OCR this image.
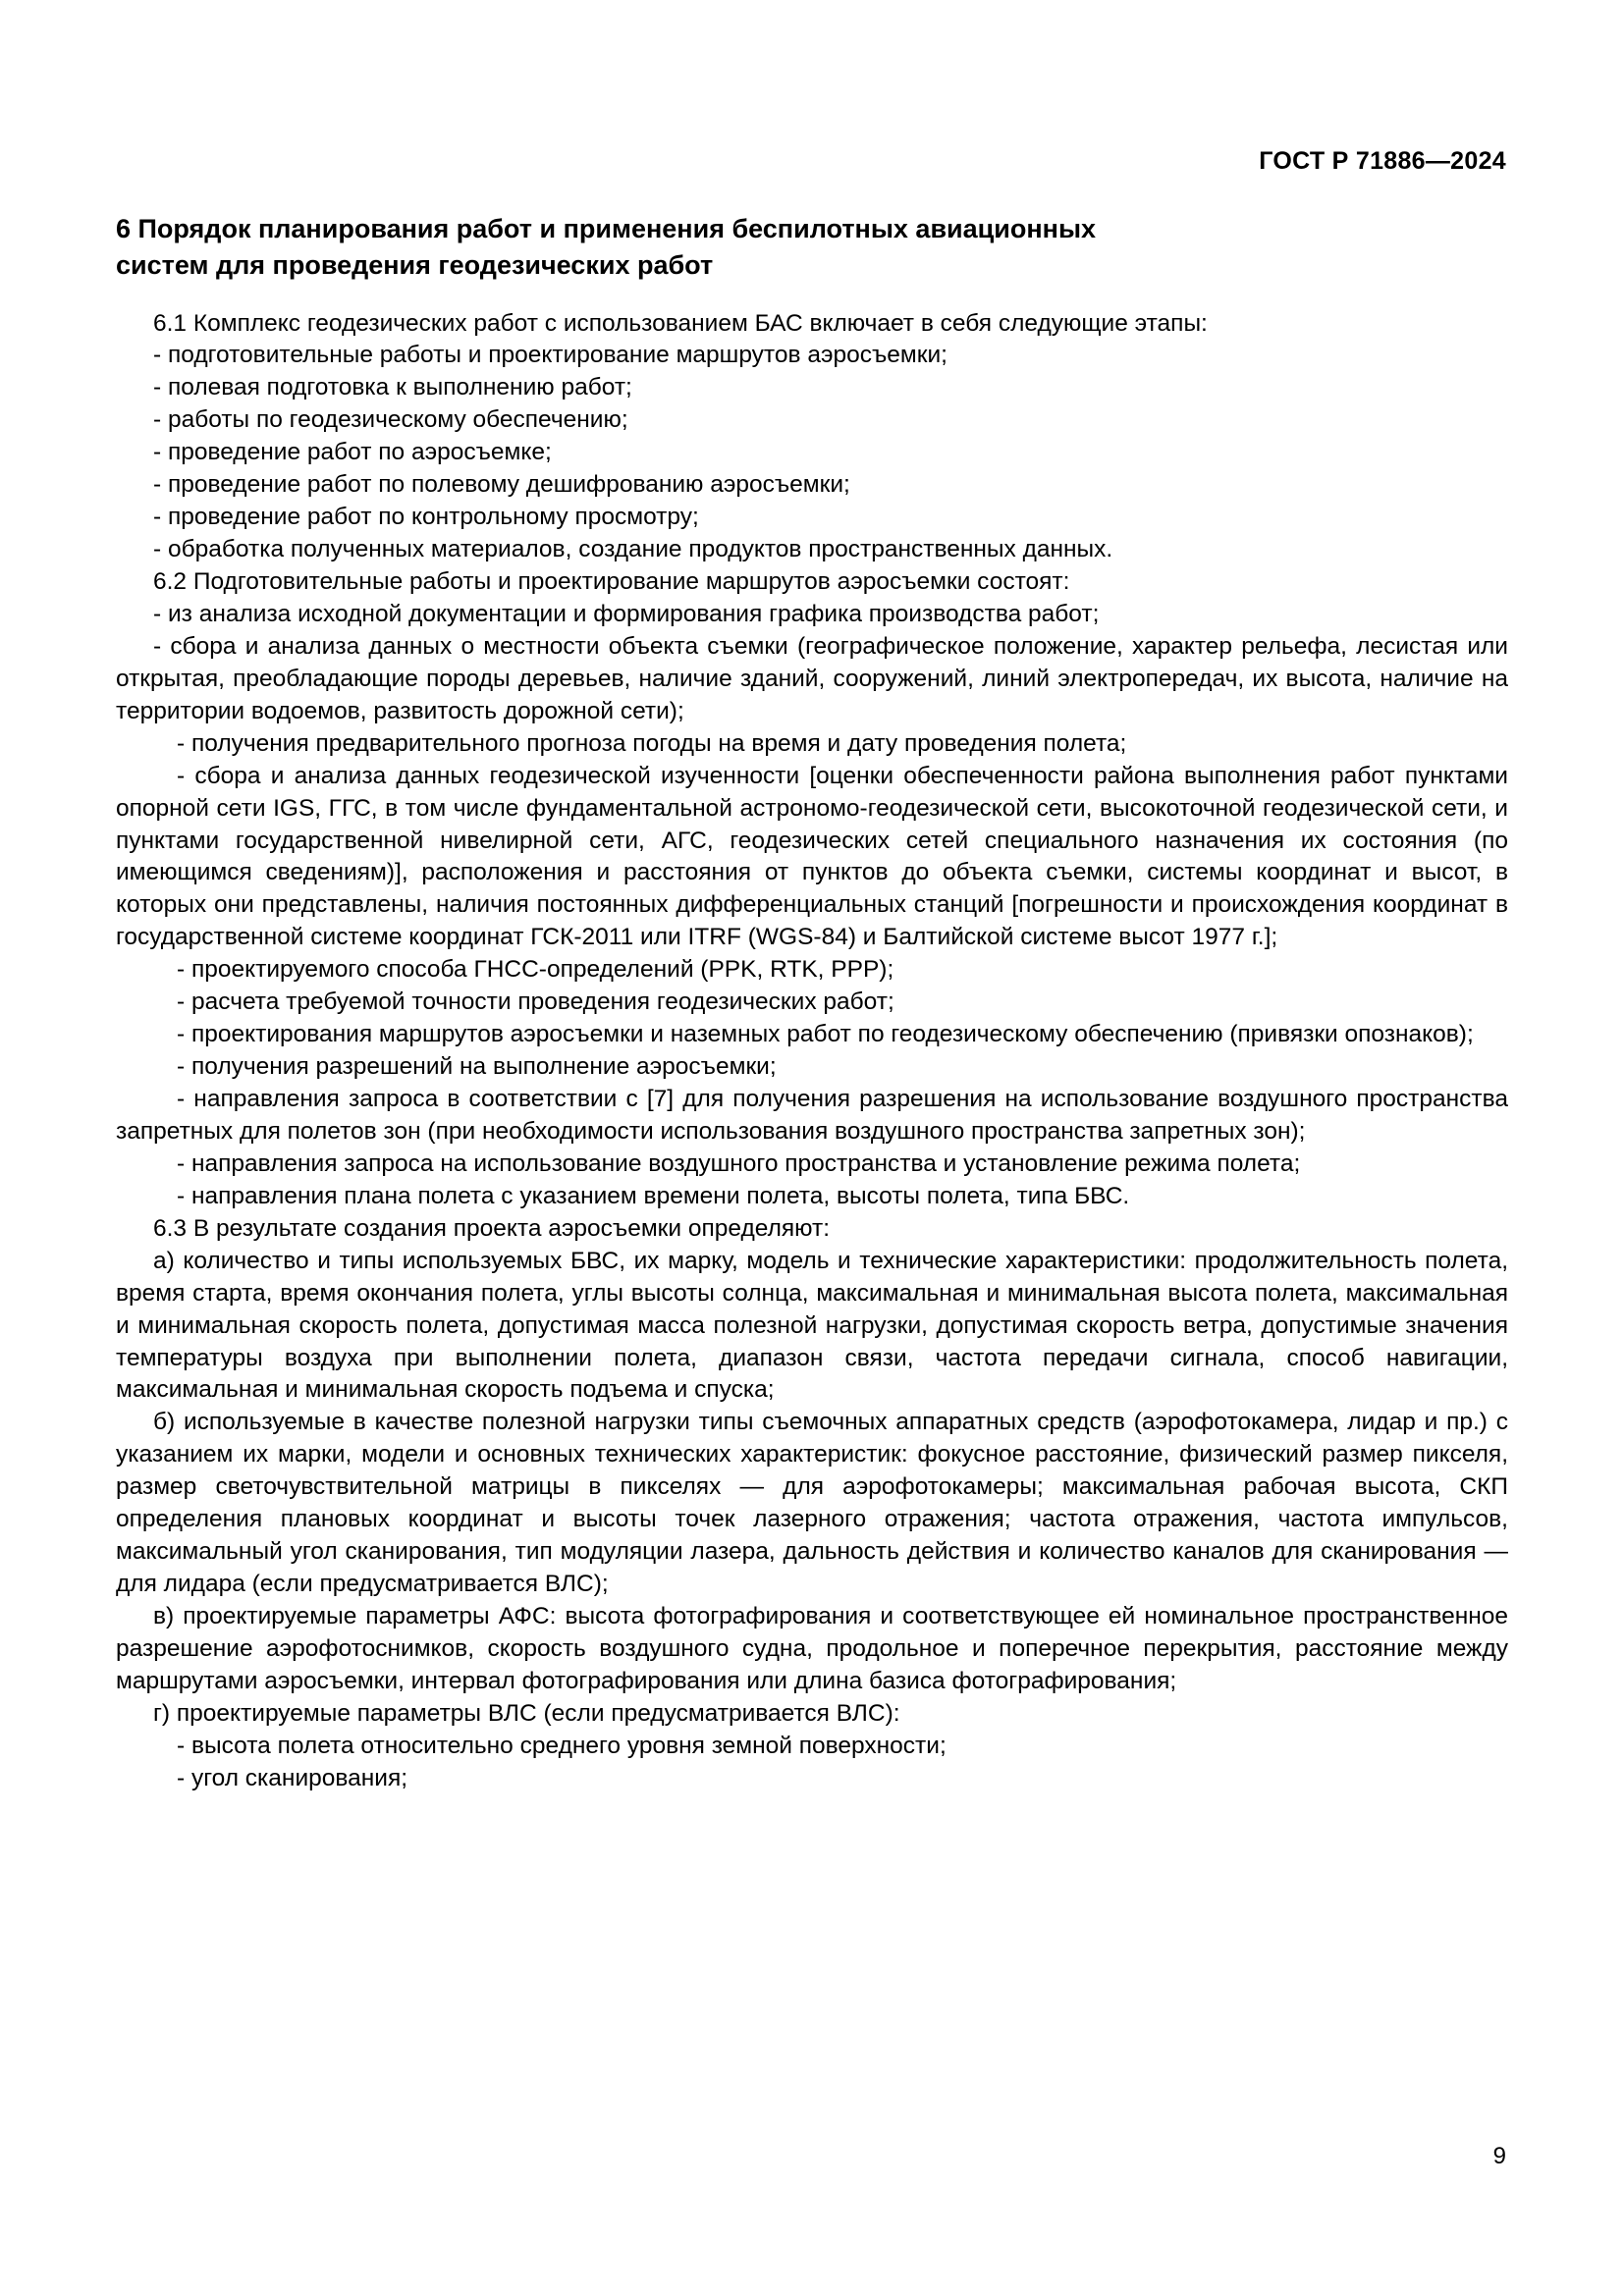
ГОСТ Р 71886—2024
6 Порядок планирования работ и применения беспилотных авиационных
систем для проведения геодезических работ

6.1 Комплекс геодезических работ с использованием БАС включает в себя следующие этапы:

- подготовительные работы и проектирование маршрутов аэросъемки;

- полевая подготовка к выполнению работ;

- работы по геодезическому обеспечению;

- проведение работ по аэросъемке;

- проведение работ по полевому дешифрованию аэросъемки;

- проведение работ по контрольному просмотру;

- обработка полученных материалов, создание продуктов пространственных данных.

6.2 Подготовительные работы и проектирование маршрутов аэросъемки состоят:

- из анализа исходной документации и формирования графика производства работ;

- сбора и анализа данных о местности объекта съемки (географическое положение, характер рельефа, лесистая или открытая, преобладающие породы деревьев, наличие зданий, сооружений, линий электропередач, их высота, наличие на территории водоемов, развитость дорожной сети);

- получения предварительного прогноза погоды на время и дату проведения полета;

- сбора и анализа данных геодезической изученности [оценки обеспеченности района выполнения работ пунктами опорной сети IGS, ГГС, в том числе фундаментальной астрономо-геодезической сети, высокоточной геодезической сети, и пунктами государственной нивелирной сети, АГС, геодезических сетей специального назначения их состояния (по имеющимся сведениям)], расположения и расстояния от пунктов до объекта съемки, системы координат и высот, в которых они представлены, наличия постоянных дифференциальных станций [погрешности и происхождения координат в государственной системе координат ГСК-2011 или ITRF (WGS-84) и Балтийской системе высот 1977 г.];

- проектируемого способа ГНСС-определений (PPK, RTK, PPP);

- расчета требуемой точности проведения геодезических работ;

- проектирования маршрутов аэросъемки и наземных работ по геодезическому обеспечению (привязки опознаков);

- получения разрешений на выполнение аэросъемки;

- направления запроса в соответствии с [7] для получения разрешения на использование воздушного пространства запретных для полетов зон (при необходимости использования воздушного пространства запретных зон);

- направления запроса на использование воздушного пространства и установление режима полета;

- направления плана полета с указанием времени полета, высоты полета, типа БВС.

6.3 В результате создания проекта аэросъемки определяют:

а) количество и типы используемых БВС, их марку, модель и технические характеристики: продолжительность полета, время старта, время окончания полета, углы высоты солнца, максимальная и минимальная высота полета, максимальная и минимальная скорость полета, допустимая масса полезной нагрузки, допустимая скорость ветра, допустимые значения температуры воздуха при выполнении полета, диапазон связи, частота передачи сигнала, способ навигации, максимальная и минимальная скорость подъема и спуска;

б) используемые в качестве полезной нагрузки типы съемочных аппаратных средств (аэрофотокамера, лидар и пр.) с указанием их марки, модели и основных технических характеристик: фокусное расстояние, физический размер пикселя, размер светочувствительной матрицы в пикселях — для аэрофотокамеры; максимальная рабочая высота, СКП определения плановых координат и высоты точек лазерного отражения; частота отражения, частота импульсов, максимальный угол сканирования, тип модуляции лазера, дальность действия и количество каналов для сканирования — для лидара (если предусматривается ВЛС);

в) проектируемые параметры АФС: высота фотографирования и соответствующее ей номинальное пространственное разрешение аэрофотоснимков, скорость воздушного судна, продольное и поперечное перекрытия, расстояние между маршрутами аэросъемки, интервал фотографирования или длина базиса фотографирования;

г) проектируемые параметры ВЛС (если предусматривается ВЛС):

- высота полета относительно среднего уровня земной поверхности;

- угол сканирования;

9
